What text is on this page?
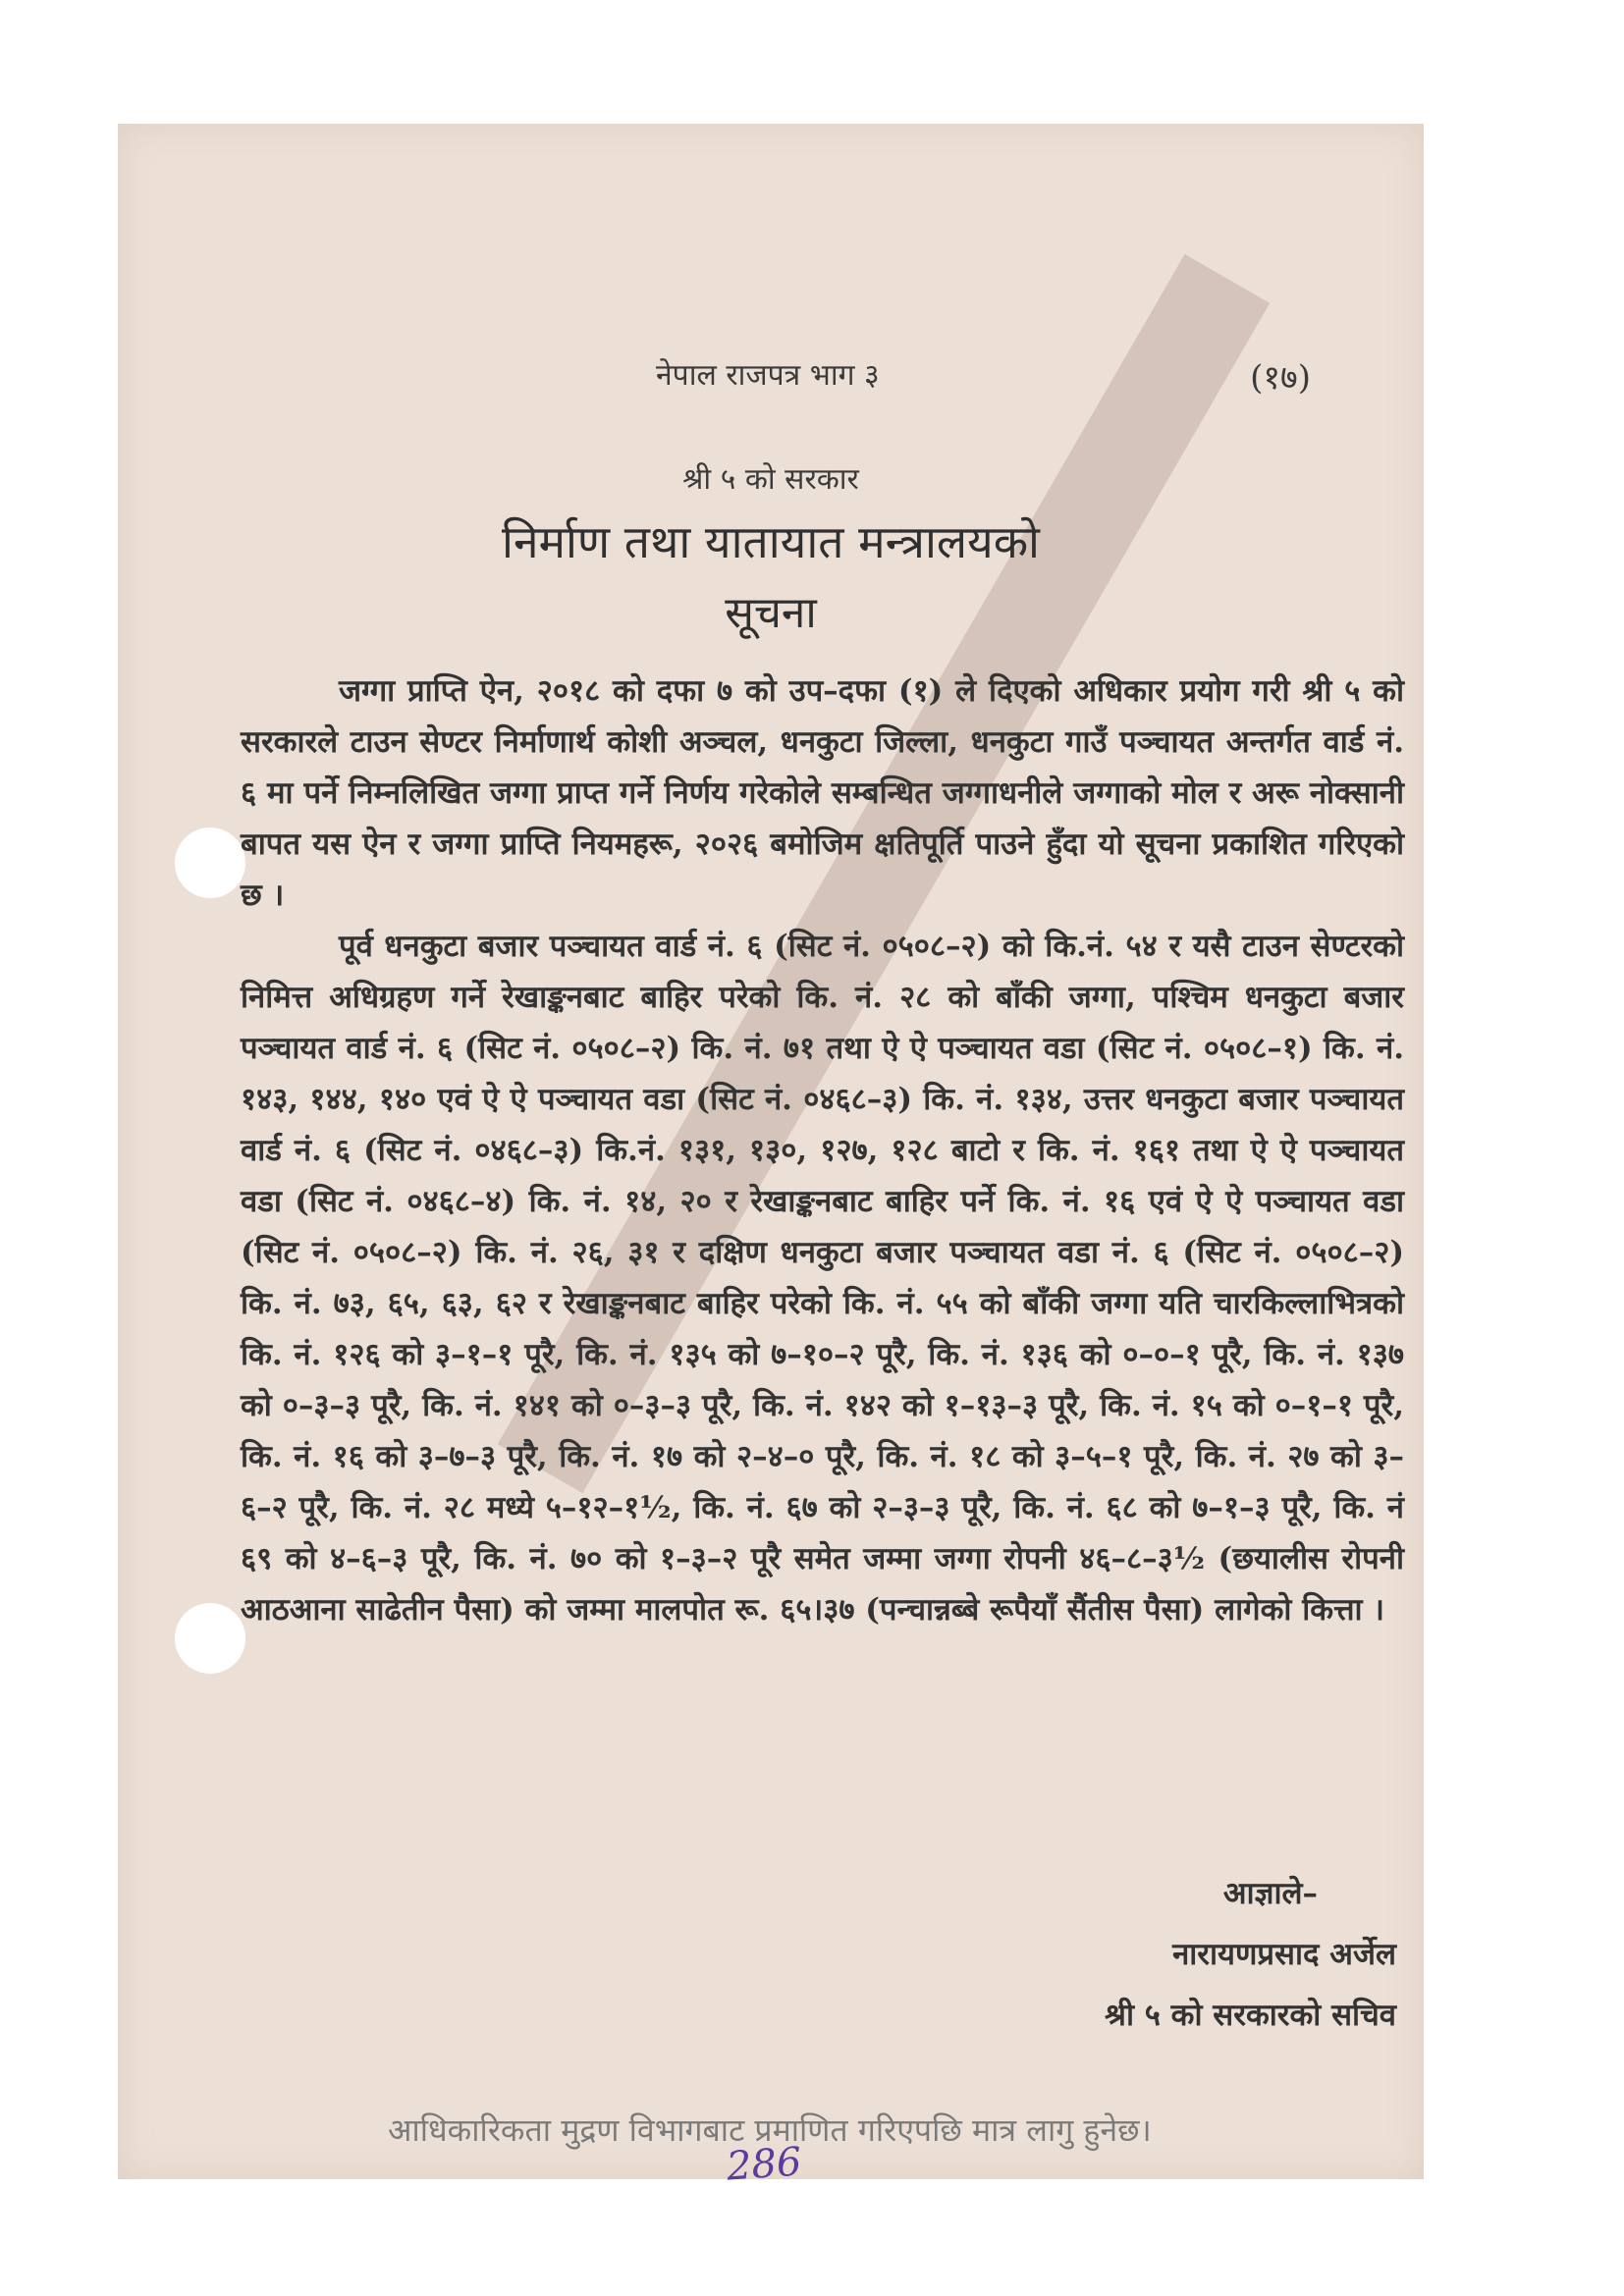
नेपाल राजपत्र भाग ३	(१७)
श्री ५ को सरकार
निर्माण तथा यातायात मन्त्रालयको
सूचना

जग्गा प्राप्ति ऐन, २०१८ को दफा ७ को उप–दफा (१) ले दिएको अधिकार प्रयोग गरी श्री ५ को सरकारले टाउन सेण्टर निर्माणार्थ कोशी अञ्चल, धनकुटा जिल्ला, धनकुटा गाउँ पञ्चायत अन्तर्गत वार्ड नं. ६ मा पर्ने निम्नलिखित जग्गा प्राप्त गर्ने निर्णय गरेकोले सम्बन्धित जग्गाधनीले जग्गाको मोल र अरू नोक्सानी बापत यस ऐन र जग्गा प्राप्ति नियमहरू, २०२६ बमोजिम क्षतिपूर्ति पाउने हुँदा यो सूचना प्रकाशित गरिएको छ ।

पूर्व धनकुटा बजार पञ्चायत वार्ड नं. ६ (सिट नं. ०५०८–२) को कि.नं. ५४ र यसै टाउन सेण्टरको निमित्त अधिग्रहण गर्ने रेखाङ्कनबाट बाहिर परेको कि. नं. २८ को बाँकी जग्गा, पश्चिम धनकुटा बजार पञ्चायत वार्ड नं. ६ (सिट नं. ०५०८–२) कि. नं. ७१ तथा ऐ ऐ पञ्चायत वडा (सिट नं. ०५०८–१) कि. नं. १४३, १४४, १४० एवं ऐ ऐ पञ्चायत वडा (सिट नं. ०४६८–३) कि. नं. १३४, उत्तर धनकुटा बजार पञ्चायत वार्ड नं. ६ (सिट नं. ०४६८–३) कि.नं. १३१, १३०, १२७, १२८ बाटो र कि. नं. १६१ तथा ऐ ऐ पञ्चायत वडा (सिट नं. ०४६८–४) कि. नं. १४, २० र रेखाङ्कनबाट बाहिर पर्ने कि. नं. १६ एवं ऐ ऐ पञ्चायत वडा (सिट नं. ०५०८–२) कि. नं. २६, ३१ र दक्षिण धनकुटा बजार पञ्चायत वडा नं. ६ (सिट नं. ०५०८–२) कि. नं. ७३, ६५, ६३, ६२ र रेखाङ्कनबाट बाहिर परेको कि. नं. ५५ को बाँकी जग्गा यति चारकिल्लाभित्रको कि. नं. १२६ को ३–१–१ पूरै, कि. नं. १३५ को ७–१०–२ पूरै, कि. नं. १३६ को ०–०–१ पूरै, कि. नं. १३७ को ०–३–३ पूरै, कि. नं. १४१ को ०–३–३ पूरै, कि. नं. १४२ को १–१३–३ पूरै, कि. नं. १५ को ०–१–१ पूरै, कि. नं. १६ को ३–७–३ पूरै, कि. नं. १७ को २–४–० पूरै, कि. नं. १८ को ३–५–१ पूरै, कि. नं. २७ को ३–६–२ पूरै, कि. नं. २८ मध्ये ५–१२–१½, कि. नं. ६७ को २–३–३ पूरै, कि. नं. ६८ को ७–१–३ पूरै, कि. नं ६९ को ४–६–३ पूरै, कि. नं. ७० को १–३–२ पूरै समेत जम्मा जग्गा रोपनी ४६–८–३½ (छयालीस रोपनी आठआना साढेतीन पैसा) को जम्मा मालपोत रू. ६५।३७ (पन्चान्नब्बे रूपैयाँ सैंतीस पैसा) लागेको कित्ता ।

आज्ञाले–
नारायणप्रसाद अर्जेल
श्री ५ को सरकारको सचिव
आधिकारिकता मुद्रण विभागबाट प्रमाणित गरिएपछि मात्र लागु हुनेछ।
286
